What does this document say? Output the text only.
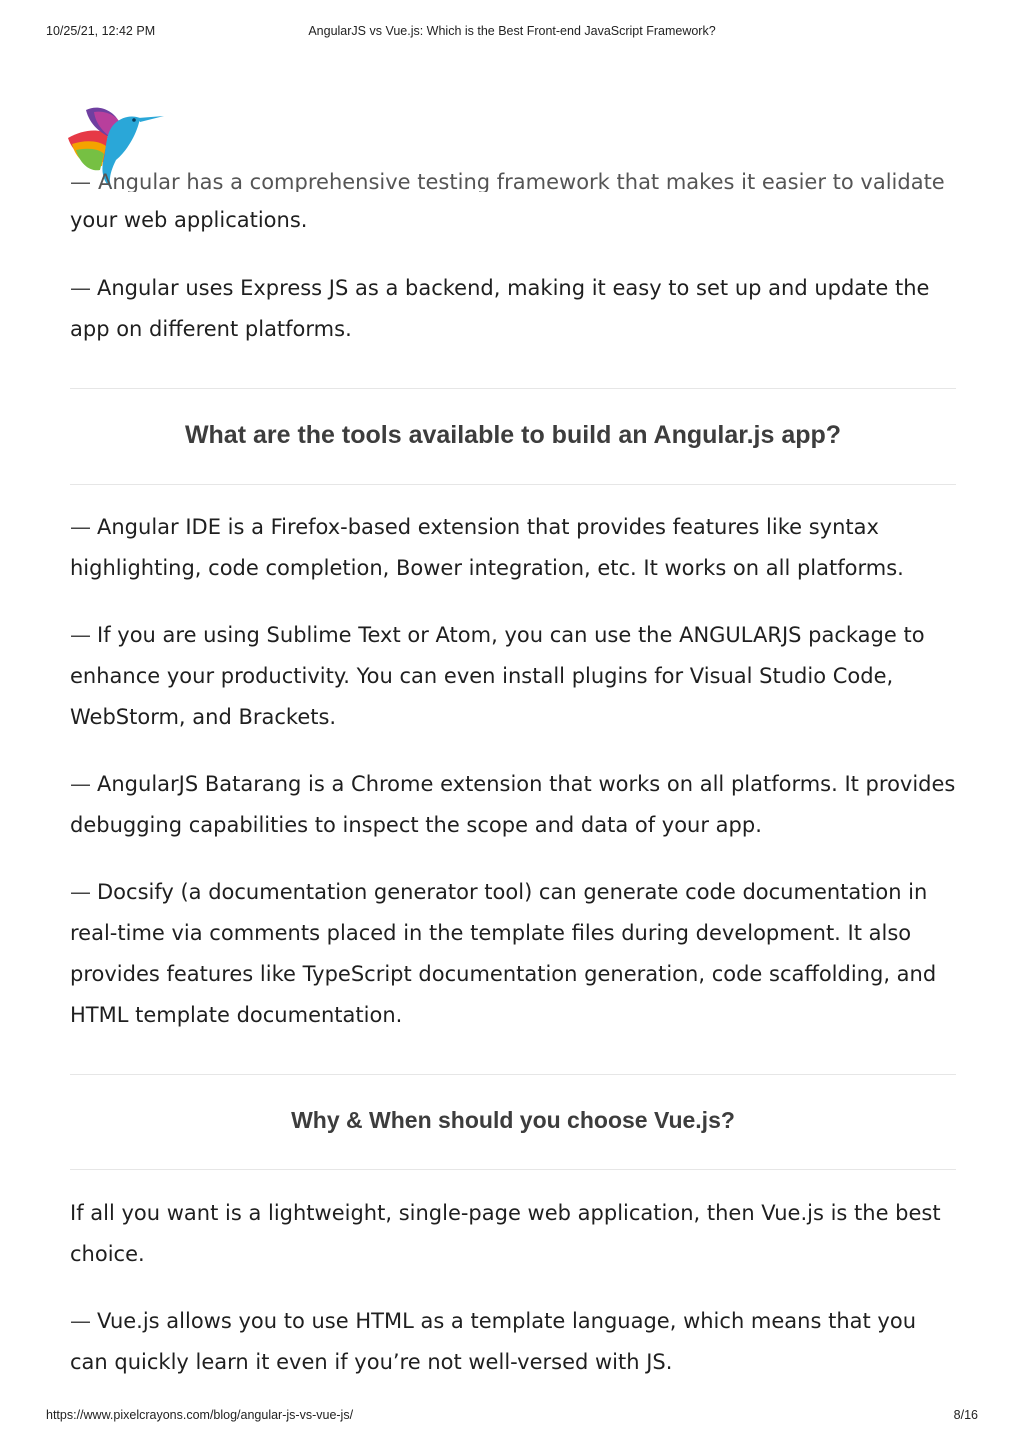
10/25/21, 12:42 PM	AngularJS vs Vue.js: Which is the Best Front-end JavaScript Framework?
— Angular has a comprehensive testing framework that makes it easier to validate

your web applications.

— Angular uses Express JS as a backend, making it easy to set up and update the app on different platforms.

What are the tools available to build an Angular.js app?

— Angular IDE is a Firefox-based extension that provides features like syntax highlighting, code completion, Bower integration, etc. It works on all platforms.

— If you are using Sublime Text or Atom, you can use the ANGULARJS package to enhance your productivity. You can even install plugins for Visual Studio Code, WebStorm, and Brackets.

— AngularJS Batarang is a Chrome extension that works on all platforms. It provides debugging capabilities to inspect the scope and data of your app.

— Docsify (a documentation generator tool) can generate code documentation in real-time via comments placed in the template files during development. It also provides features like TypeScript documentation generation, code scaffolding, and HTML template documentation.

Why & When should you choose Vue.js?

If all you want is a lightweight, single-page web application, then Vue.js is the best choice.

— Vue.js allows you to use HTML as a template language, which means that you can quickly learn it even if you’re not well-versed with JS.

https://www.pixelcrayons.com/blog/angular-js-vs-vue-js/	8/16
